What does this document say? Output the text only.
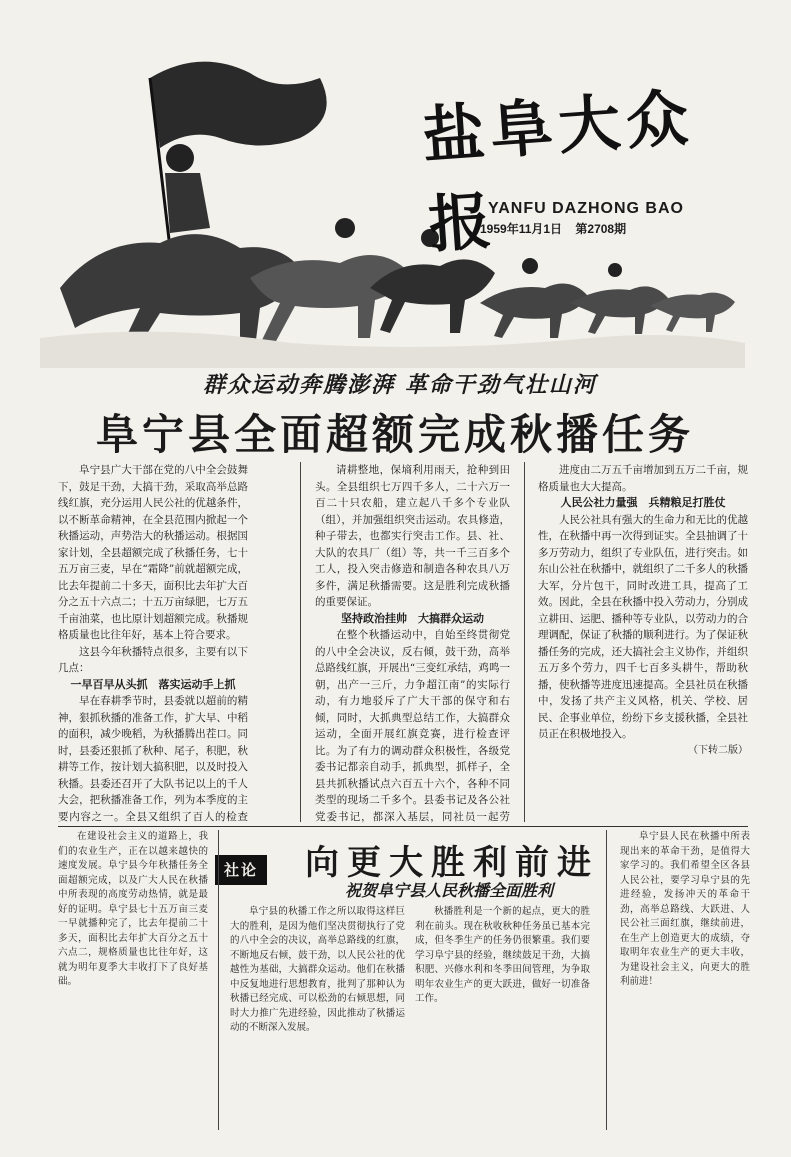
盐阜大众报
YANFU DAZHONG BAO
1959年11月1日 第2708期
群众运动奔腾澎湃 革命干劲气壮山河
阜宁县全面超额完成秋播任务

阜宁县广大干部在党的八中全会鼓舞下，鼓足干劲，大搞干劲，采取高举总路线红旗，充分运用人民公社的优越条件，以不断革命精神，在全县范围内掀起一个秋播运动，声势浩大的秋播运动。根据国家计划，全县超额完成了秋播任务，七十五万亩三麦，早在“霜降”前就超额完成，比去年提前二十多天，面积比去年扩大百分之五十六点二；十五万亩绿肥，七万五千亩油菜，也比原计划超额完成。秋播规格质量也比往年好，基本上符合要求。

这县今年秋播特点很多，主要有以下几点：

一早百早从头抓　落实运动手上抓

早在春耕季节时，县委就以超前的精神，狠抓秋播的准备工作，扩大早、中稻的面积，减少晚稻，为秋播腾出茬口。同时，县委还狠抓了秋种、尾子，积肥，秋耕等工作，按计划大搞积肥，以及时投入秋播。县委还召开了大队书记以上的千人大会，把秋播准备工作，列为本季度的主要内容之一。全县又组织了百人的检查

请耕整地，保墒利用雨天，抢种到田头。全县组织七万四千多人，二十六万一百二十只农船，建立起八千多个专业队（组），并加强组织突击运动。农具修造，种子带去，也都实行突击工作。县、社、大队的农具厂（组）等，共一千三百多个工人，投入突击修造和制造各种农具八万多件，满足秋播需要。这是胜利完成秋播的重要保证。

坚持政治挂帅　大搞群众运动

在整个秋播运动中，自始至终贯彻党的八中全会决议，反右倾，鼓干劲，高举总路线红旗，开展出“三变红承结，鸡鸣一朝，出产一三斤，力争超江南”的实际行动，有力地驳斥了广大干部的保守和右倾，同时，大抓典型总结工作，大搞群众运动，全面开展红旗竞赛，进行检查评比。为了有力的调动群众积极性，各级党委书记都亲自动手，抓典型，抓样子，全县共抓秋播试点六百五十六个，各种不同类型的现场二千多个。县委书记及各公社党委书记，都深入基层，同社员一起劳

进度由二万五千亩增加到五万二千亩，规格质量也大大提高。

人民公社力量强　兵精粮足打胜仗

人民公社具有强大的生命力和无比的优越性，在秋播中再一次得到证实。全县抽调了十多万劳动力，组织了专业队伍，进行突击。如东山公社在秋播中，就组织了二千多人的秋播大军，分片包干，同时改进工具，提高了工效。因此，全县在秋播中投入劳动力，分别成立耕田、运肥、播种等专业队，以劳动力的合理调配，保证了秋播的顺利进行。为了保证秋播任务的完成，还大搞社会主义协作，并组织五万多个劳力，四千七百多头耕牛，帮助秋播，使秋播等进度迅速提高。全县社员在秋播中，发扬了共产主义风格，机关、学校、居民、企事业单位，纷纷下乡支援秋播，全县社员正在积极地投入。

（下转二版）

社论 向更大胜利前进
祝贺阜宁县人民秋播全面胜利

在建设社会主义的道路上，我们的农业生产，正在以越来越快的速度发展。阜宁县今年秋播任务全面超额完成，以及广大人民在秋播中所表现的高度劳动热情，就是最好的证明。阜宁县七十五万亩三麦一早就播种完了，比去年提前二十多天，面积比去年扩大百分之五十六点二，规格质量也比往年好，这就为明年夏季大丰收打下了良好基础。

阜宁县的秋播工作之所以取得这样巨大的胜利，是因为他们坚决贯彻执行了党的八中全会的决议，高举总路线的红旗，不断地反右倾，鼓干劲，以人民公社的优越性为基础，大搞群众运动。他们在秋播中反复地进行思想教育，批判了那种认为秋播已经完成、可以松劲的右倾思想，同时大力推广先进经验，因此推动了秋播运动的不断深入发展。

秋播胜利是一个新的起点，更大的胜利在前头。现在秋收秋种任务虽已基本完成，但冬季生产的任务仍很繁重。我们要学习阜宁县的经验，继续鼓足干劲，大搞积肥、兴修水利和冬季田间管理，为争取明年农业生产的更大跃进，做好一切准备工作。

阜宁县人民在秋播中所表现出来的革命干劲，是值得大家学习的。我们希望全区各县人民公社，要学习阜宁县的先进经验，发扬冲天的革命干劲，高举总路线、大跃进、人民公社三面红旗，继续前进，在生产上创造更大的成绩，夺取明年农业生产的更大丰收，为建设社会主义，向更大的胜利前进！
